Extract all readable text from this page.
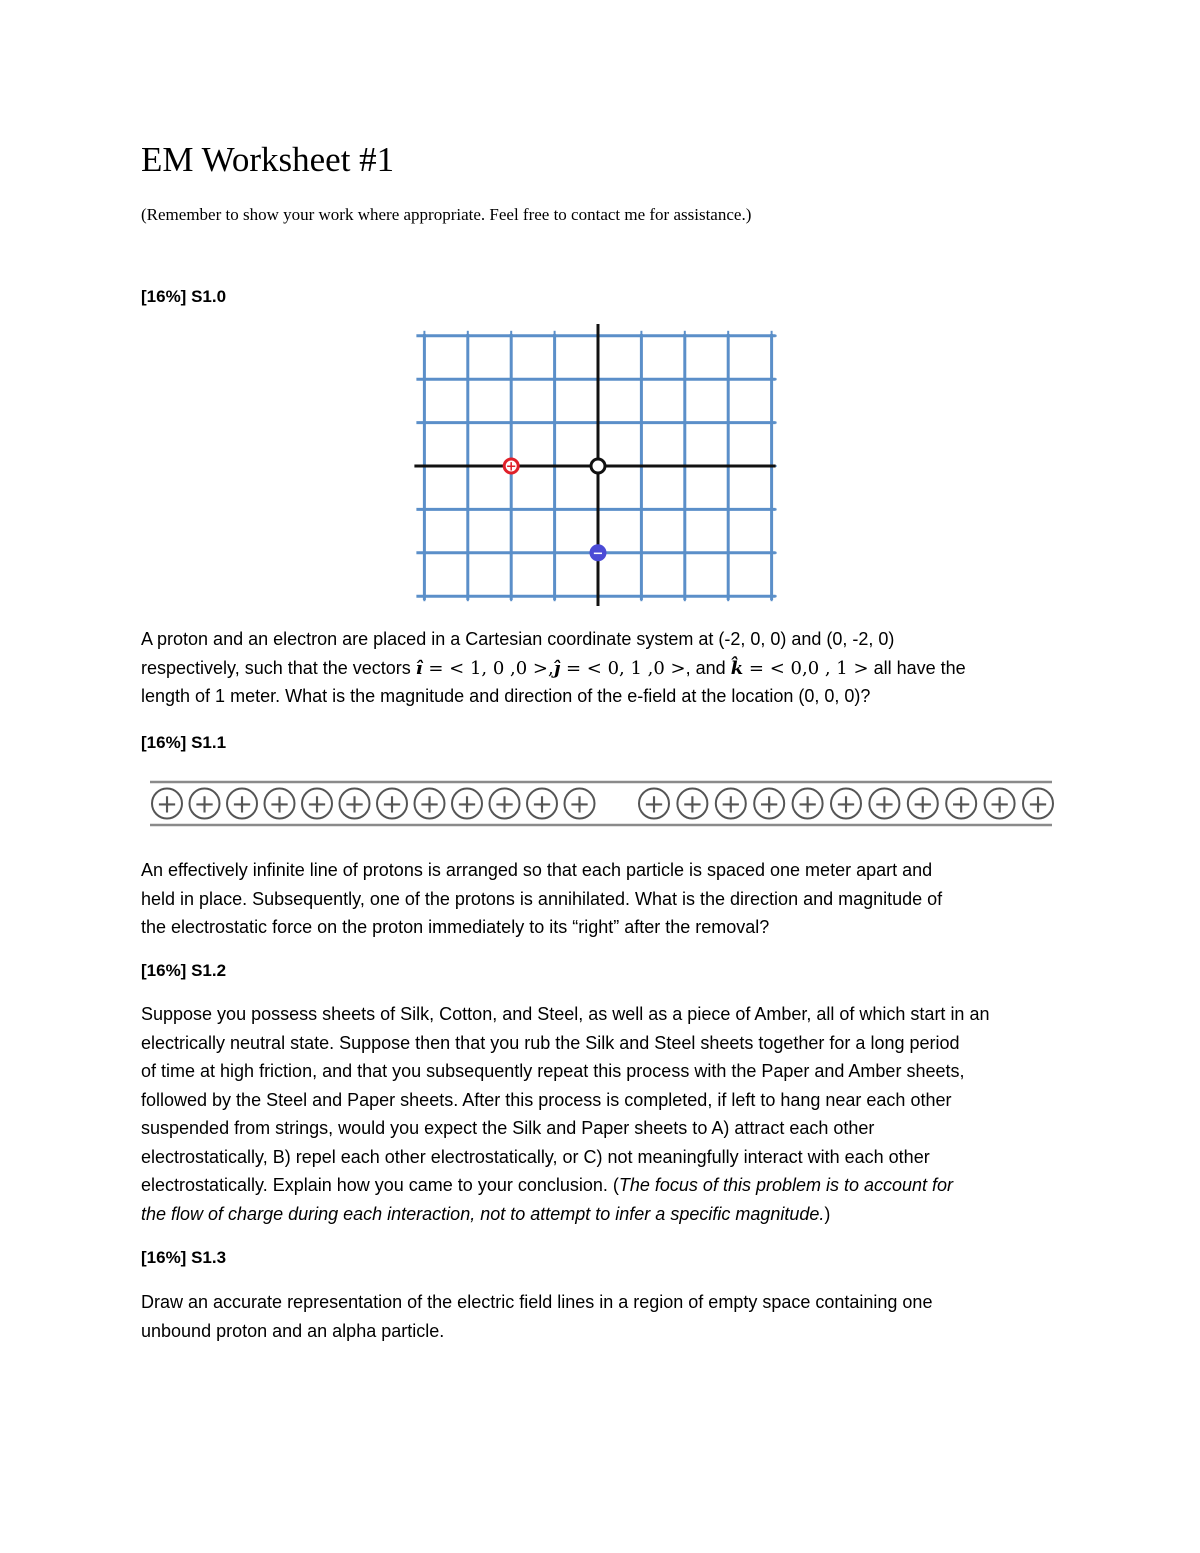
EM Worksheet #1
(Remember to show your work where appropriate. Feel free to contact me for assistance.)
[16%] S1.0
+
−
A proton and an electron are placed in a Cartesian coordinate system at (-2, 0, 0) and (0, -2, 0)
respectively, such that the vectors ı̂ = < 1, 0 ,0 >,ȷ̂ = < 0, 1 ,0 >, and k̂ = < 0,0 , 1 > all have the
length of 1 meter. What is the magnitude and direction of the e-field at the location (0, 0, 0)?
[16%] S1.1
+ + + + + + + + + + + + + + + + + + + + + + +
An effectively infinite line of protons is arranged so that each particle is spaced one meter apart and
held in place. Subsequently, one of the protons is annihilated. What is the direction and magnitude of
the electrostatic force on the proton immediately to its “right” after the removal?
[16%] S1.2
Suppose you possess sheets of Silk, Cotton, and Steel, as well as a piece of Amber, all of which start in an
electrically neutral state. Suppose then that you rub the Silk and Steel sheets together for a long period
of time at high friction, and that you subsequently repeat this process with the Paper and Amber sheets,
followed by the Steel and Paper sheets. After this process is completed, if left to hang near each other
suspended from strings, would you expect the Silk and Paper sheets to A) attract each other
electrostatically, B) repel each other electrostatically, or C) not meaningfully interact with each other
electrostatically. Explain how you came to your conclusion. (The focus of this problem is to account for
the flow of charge during each interaction, not to attempt to infer a specific magnitude.)
[16%] S1.3
Draw an accurate representation of the electric field lines in a region of empty space containing one
unbound proton and an alpha particle.
